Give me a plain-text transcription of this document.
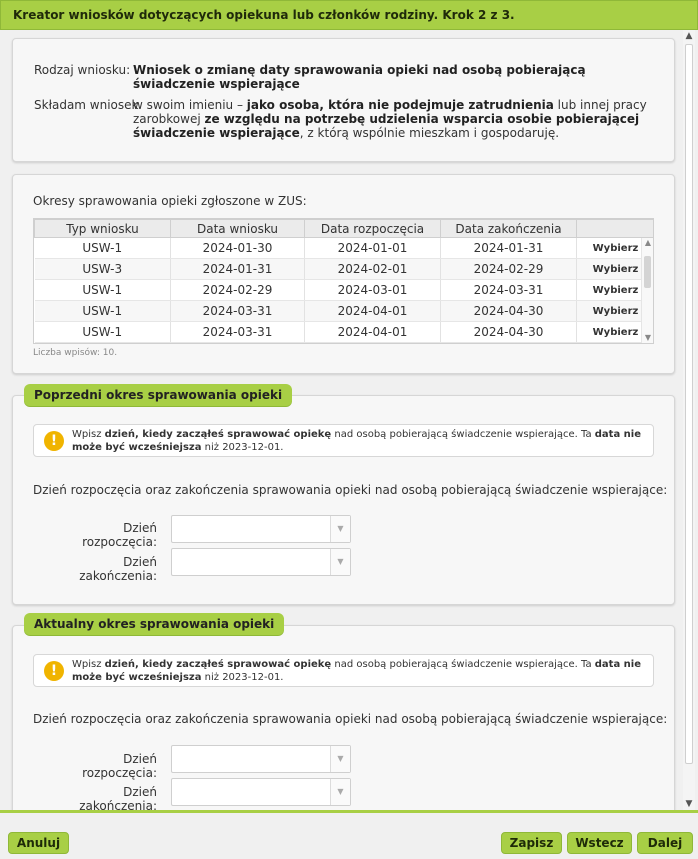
Kreator wniosków dotyczących opiekuna lub członków rodziny. Krok 2 z 3.
Rodzaj wniosku: Wniosek o zmianę daty sprawowania opieki nad osobą pobierającą świadczenie wspierające
Składam wniosek
w swoim imieniu – jako osoba, która nie podejmuje zatrudnienia lub innej pracy zarobkowej ze względu na potrzebę udzielenia wsparcia osobie pobierającej świadczenie wspierające, z którą wspólnie mieszkam i gospodaruję.
Okresy sprawowania opieki zgłoszone w ZUS:
Typ wniosku	Data wniosku	Data rozpoczęcia	Data zakończenia	
USW-1	2024-01-30	2024-01-01	2024-01-31	Wybierz
USW-3	2024-01-31	2024-02-01	2024-02-29	Wybierz
USW-1	2024-02-29	2024-03-01	2024-03-31	Wybierz
USW-1	2024-03-31	2024-04-01	2024-04-30	Wybierz
USW-1	2024-03-31	2024-04-01	2024-04-30	Wybierz
▲
▼
Liczba wpisów: 10.
!	Wpisz dzień, kiedy zacząłeś sprawować opiekę nad osobą pobierającą świadczenie wspierające. Ta data nie może być wcześniejsza niż 2023-12-01.
Dzień rozpoczęcia oraz zakończenia sprawowania opieki nad osobą pobierającą świadczenie wspierające:
Dzień rozpoczęcia:
▼
Dzień zakończenia:
▼
Poprzedni okres sprawowania opieki
!	Wpisz dzień, kiedy zacząłeś sprawować opiekę nad osobą pobierającą świadczenie wspierające. Ta data nie może być wcześniejsza niż 2023-12-01.
Dzień rozpoczęcia oraz zakończenia sprawowania opieki nad osobą pobierającą świadczenie wspierające:
Dzień rozpoczęcia:
▼
Dzień zakończenia:
▼
Aktualny okres sprawowania opieki
▲
▼
Anuluj	Zapisz	Wstecz	Dalej
